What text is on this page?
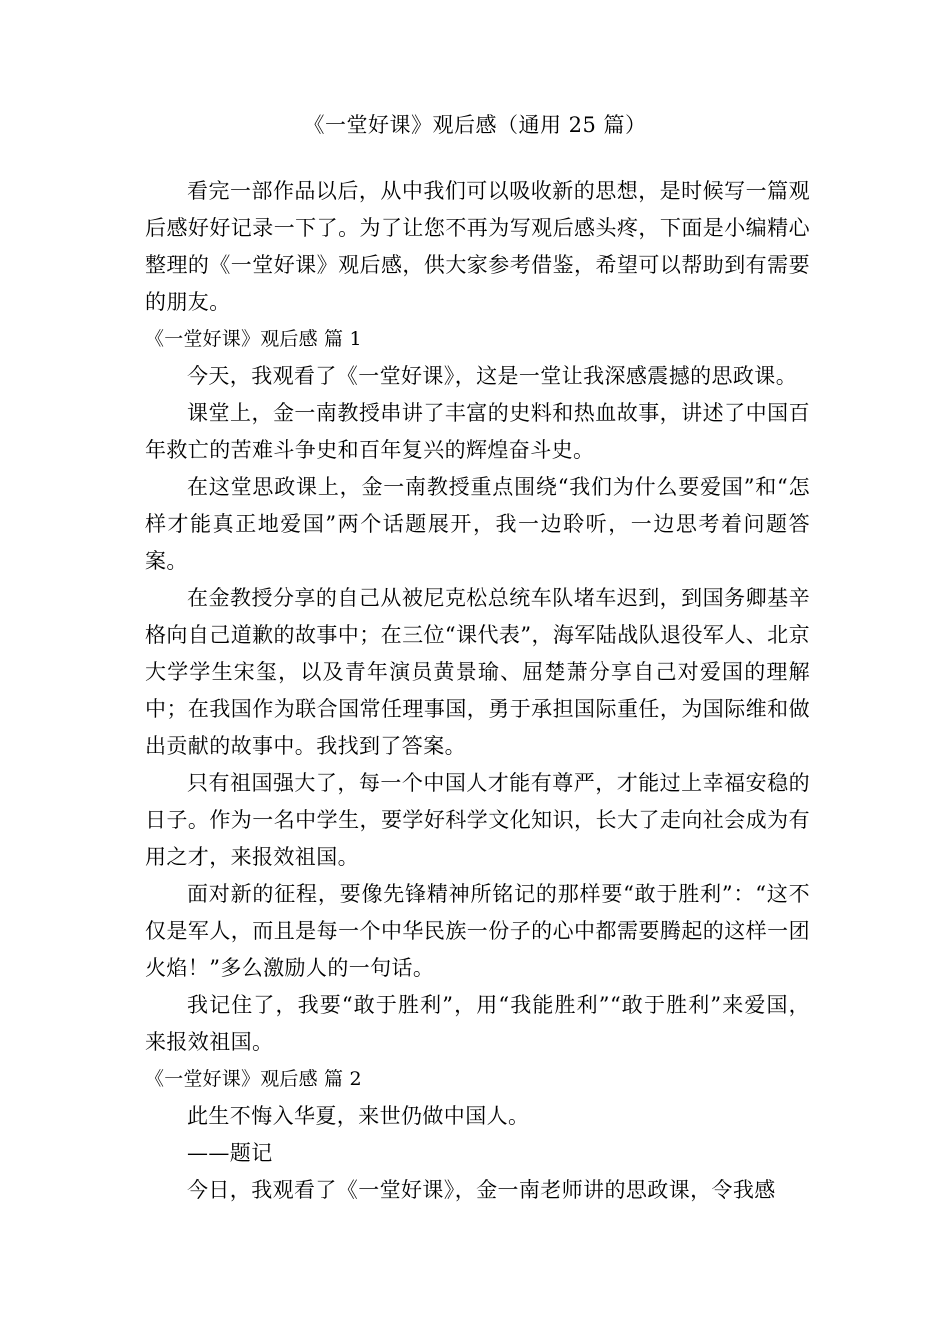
《一堂好课》观后感（通用 25 篇）

看完一部作品以后，从中我们可以吸收新的思想，是时候写一篇观后感好好记录一下了。为了让您不再为写观后感头疼，下面是小编精心整理的《一堂好课》观后感，供大家参考借鉴，希望可以帮助到有需要的朋友。

《一堂好课》观后感 篇 1

今天，我观看了《一堂好课》，这是一堂让我深感震撼的思政课。

课堂上，金一南教授串讲了丰富的史料和热血故事，讲述了中国百年救亡的苦难斗争史和百年复兴的辉煌奋斗史。

在这堂思政课上，金一南教授重点围绕“我们为什么要爱国”和“怎样才能真正地爱国”两个话题展开，我一边聆听，一边思考着问题答案。

在金教授分享的自己从被尼克松总统车队堵车迟到，到国务卿基辛格向自己道歉的故事中；在三位“课代表”，海军陆战队退役军人、北京大学学生宋玺，以及青年演员黄景瑜、屈楚萧分享自己对爱国的理解中；在我国作为联合国常任理事国，勇于承担国际重任，为国际维和做出贡献的故事中。我找到了答案。

只有祖国强大了，每一个中国人才能有尊严，才能过上幸福安稳的日子。作为一名中学生，要学好科学文化知识，长大了走向社会成为有用之才，来报效祖国。

面对新的征程，要像先锋精神所铭记的那样要“敢于胜利”：“这不仅是军人，而且是每一个中华民族一份子的心中都需要腾起的这样一团火焰！”多么激励人的一句话。

我记住了，我要“敢于胜利”，用“我能胜利”“敢于胜利”来爱国，来报效祖国。

《一堂好课》观后感 篇 2

此生不悔入华夏，来世仍做中国人。

——题记

今日，我观看了《一堂好课》，金一南老师讲的思政课，令我感
